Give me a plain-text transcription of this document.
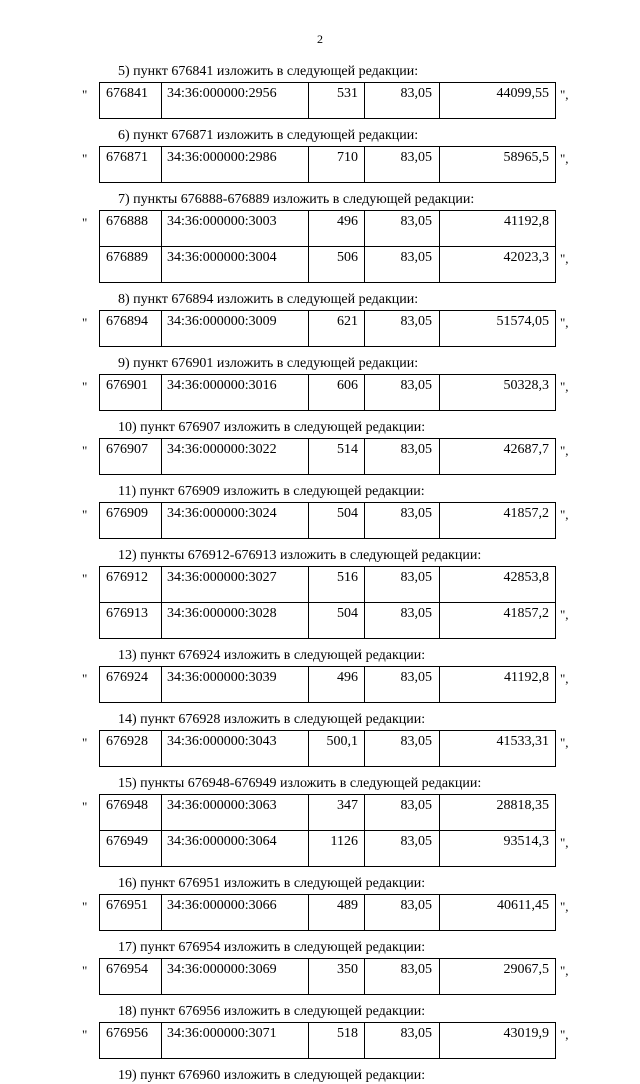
2
5) пункт 676841 изложить в следующей редакции:
676841	34:36:000000:2956	531	83,05	44099,55
"	",
6) пункт 676871 изложить в следующей редакции:
676871	34:36:000000:2986	710	83,05	58965,5
"	",
7) пункты 676888-676889 изложить в следующей редакции:
676888	34:36:000000:3003	496	83,05	41192,8
676889	34:36:000000:3004	506	83,05	42023,3
"
",
8) пункт 676894 изложить в следующей редакции:
676894	34:36:000000:3009	621	83,05	51574,05
"	",
9) пункт 676901 изложить в следующей редакции:
676901	34:36:000000:3016	606	83,05	50328,3
"	",
10) пункт 676907 изложить в следующей редакции:
676907	34:36:000000:3022	514	83,05	42687,7
"	",
11) пункт 676909 изложить в следующей редакции:
676909	34:36:000000:3024	504	83,05	41857,2
"	",
12) пункты 676912-676913 изложить в следующей редакции:
676912	34:36:000000:3027	516	83,05	42853,8
676913	34:36:000000:3028	504	83,05	41857,2
"
",
13) пункт 676924 изложить в следующей редакции:
676924	34:36:000000:3039	496	83,05	41192,8
"	",
14) пункт 676928 изложить в следующей редакции:
676928	34:36:000000:3043	500,1	83,05	41533,31
"	",
15) пункты 676948-676949 изложить в следующей редакции:
676948	34:36:000000:3063	347	83,05	28818,35
676949	34:36:000000:3064	1126	83,05	93514,3
"
",
16) пункт 676951 изложить в следующей редакции:
676951	34:36:000000:3066	489	83,05	40611,45
"	",
17) пункт 676954 изложить в следующей редакции:
676954	34:36:000000:3069	350	83,05	29067,5
"	",
18) пункт 676956 изложить в следующей редакции:
676956	34:36:000000:3071	518	83,05	43019,9
"	",
19) пункт 676960 изложить в следующей редакции:
